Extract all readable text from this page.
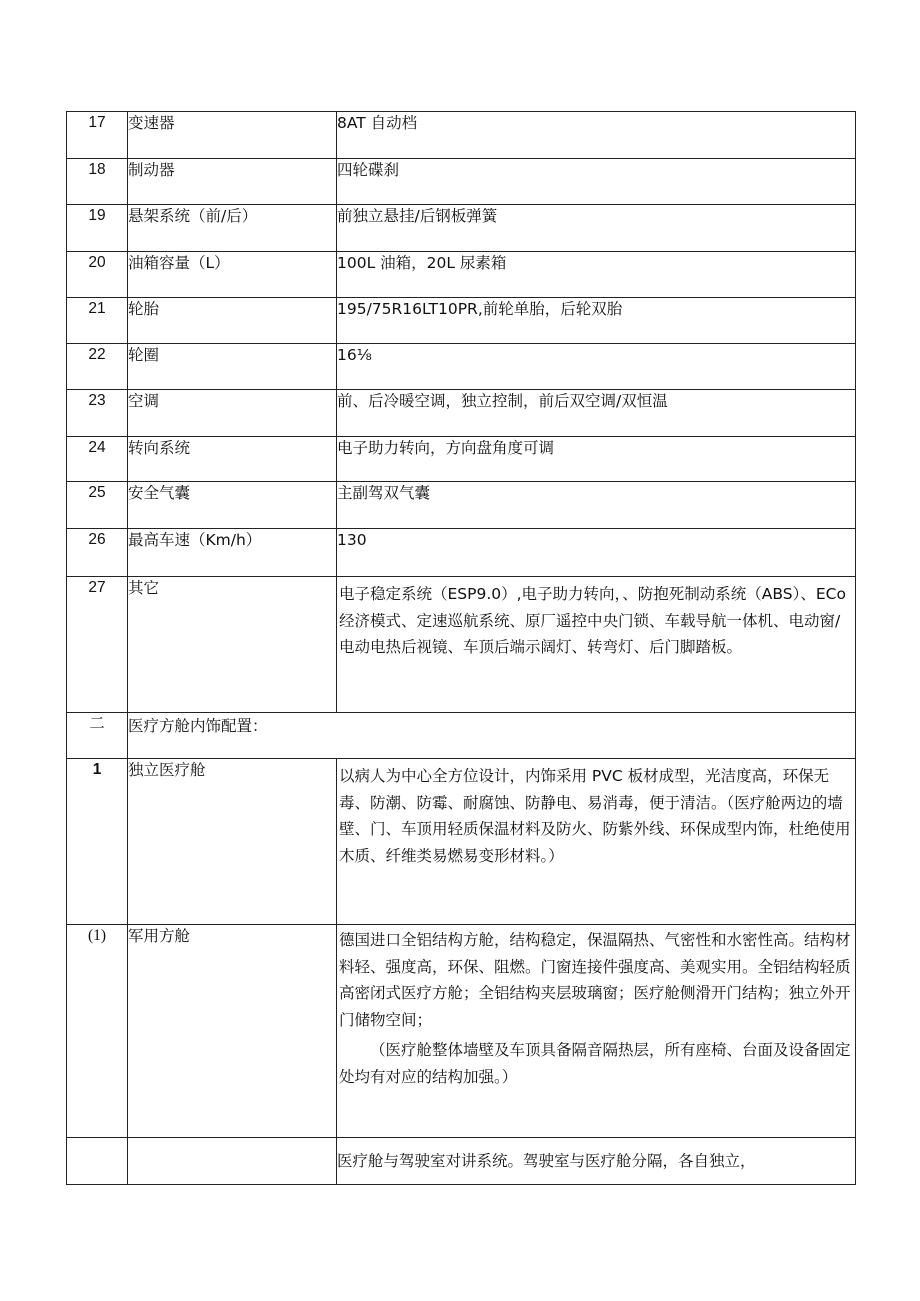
17	变速器	8AT 自动档
18	制动器	四轮碟刹
19	悬架系统（前/后）	前独立悬挂/后钢板弹簧
20	油箱容量（L）	100L 油箱，20L 尿素箱
21	轮胎	195/75R16LT10PR,前轮单胎，后轮双胎
22	轮圈	16⅛
23	空调	前、后冷暖空调，独立控制，前后双空调/双恒温
24	转向系统	电子助力转向，方向盘角度可调
25	安全气囊	主副驾双气囊
26	最高车速（Km/h）	130
27	其它	电子稳定系统（ESP9.0）,电子助力转向，、防抱死制动系统（ABS）、ECo 经济模式、定速巡航系统、原厂遥控中央门锁、车载导航一体机、电动窗/电动电热后视镜、车顶后端示阔灯、转弯灯、后门脚踏板。

二	医疗方舱内饰配置：	
1	独立医疗舱	以病人为中心全方位设计，内饰采用 PVC 板材成型，光洁度高，环保无毒、防潮、防霉、耐腐蚀、防静电、易消毒，便于清洁。（医疗舱两边的墙壁、门、车顶用轻质保温材料及防火、防紫外线、环保成型内饰，杜绝使用木质、纤维类易燃易变形材料。）

(1)	军用方舱	德国进口全铝结构方舱，结构稳定，保温隔热、气密性和水密性高。结构材料轻、强度高，环保、阻燃。门窗连接件强度高、美观实用。全铝结构轻质高密闭式医疗方舱；全铝结构夹层玻璃窗；医疗舱侧滑开门结构；独立外开门储物空间；
（医疗舱整体墙壁及车顶具备隔音隔热层，所有座椅、台面及设备固定处均有对应的结构加强。）

		医疗舱与驾驶室对讲系统。驾驶室与医疗舱分隔，各自独立，
